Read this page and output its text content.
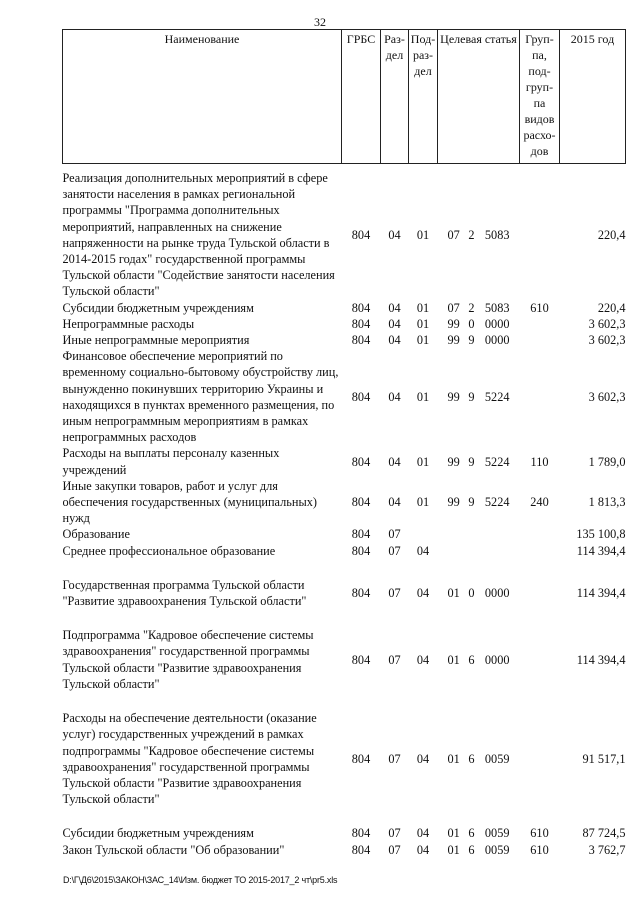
32
Наименование	ГРБС	Раз-дел	Под-раз-дел	Целевая статья	Груп-па, под-груп-па видов расхо-дов	2015 год

Реализация дополнительных мероприятий в сфере занятости населения в рамках региональной программы "Программа дополнительных мероприятий, направленных на снижение напряженности на рынке труда Тульской области в 2014-2015 годах" государственной программы Тульской области "Содействие занятости населения Тульской области"	804	04	01	07 2 5083		220,4
Субсидии бюджетным учреждениям	804	04	01	07 2 5083	610	220,4
Непрограммные расходы	804	04	01	99 0 0000		3 602,3
Иные непрограммные мероприятия	804	04	01	99 9 0000		3 602,3
Финансовое обеспечение мероприятий по временному социально-бытовому обустройству лиц, вынужденно покинувших территорию Украины и находящихся в пунктах временного размещения, по иным непрограммным мероприятиям в рамках непрограммных расходов	804	04	01	99 9 5224		3 602,3
Расходы на выплаты персоналу казенных учреждений	804	04	01	99 9 5224	110	1 789,0
Иные закупки товаров, работ и услуг для обеспечения государственных (муниципальных) нужд	804	04	01	99 9 5224	240	1 813,3
Образование	804	07				135 100,8
Среднее профессиональное образование	804	07	04			114 394,4

Государственная программа Тульской области "Развитие здравоохранения Тульской области"	804	07	04	01 0 0000		114 394,4

Подпрограмма "Кадровое обеспечение системы здравоохранения" государственной программы Тульской области "Развитие здравоохранения Тульской области"	804	07	04	01 6 0000		114 394,4

Расходы на обеспечение деятельности (оказание услуг) государственных учреждений в рамках подпрограммы "Кадровое обеспечение системы здравоохранения" государственной программы Тульской области "Развитие здравоохранения Тульской области"	804	07	04	01 6 0059		91 517,1

Субсидии бюджетным учреждениям	804	07	04	01 6 0059	610	87 724,5
Закон Тульской области "Об образовании"	804	07	04	01 6 0059	610	3 762,7
D:\Г\Д6\2015\ЗАКОН\ЗАС_14\Изм. бюджет ТО 2015-2017_2 чт\pr5.xls
